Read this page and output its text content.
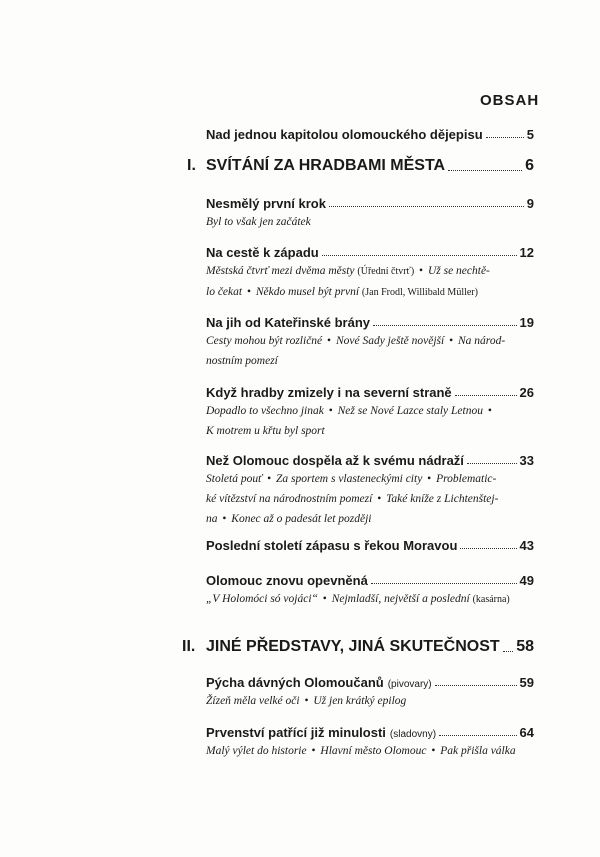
OBSAH
Nad jednou kapitolou olomouckého dějepisu	5
I. SVÍTÁNÍ ZA HRADBAMI MĚSTA	6
Nesmělý první krok	9
Byl to však jen začátek
Na cestě k západu	12
Městská čtvrť mezi dvěma městy (Úřední čtvrť) • Už se nechtě-
lo čekat • Někdo musel být první (Jan Frodl, Willibald Müller)
Na jih od Kateřinské brány	19
Cesty mohou být rozličné • Nové Sady ještě novější • Na národ-
nostním pomezí
Když hradby zmizely i na severní straně	26
Dopadlo to všechno jinak • Než se Nové Lazce staly Letnou •
K motrem u křtu byl sport
Než Olomouc dospěla až k svému nádraží	33
Stoletá pouť • Za sportem s vlasteneckými city • Problematic-
ké vítězství na národnostním pomezí • Také kníže z Lichtenštej-
na • Konec až o padesát let později
Poslední století zápasu s řekou Moravou	43
Olomouc znovu opevněná	49
„V Holomóci só vojáci“ • Nejmladší, největší a poslední (kasárna)
II. JINÉ PŘEDSTAVY, JINÁ SKUTEČNOST 58
Pýcha dávných Olomoučanů (pivovary)	59
Žízeň měla velké oči • Už jen krátký epilog
Prvenství patřící již minulosti (sladovny)	64
Malý výlet do historie • Hlavní město Olomouc • Pak přišla válka
